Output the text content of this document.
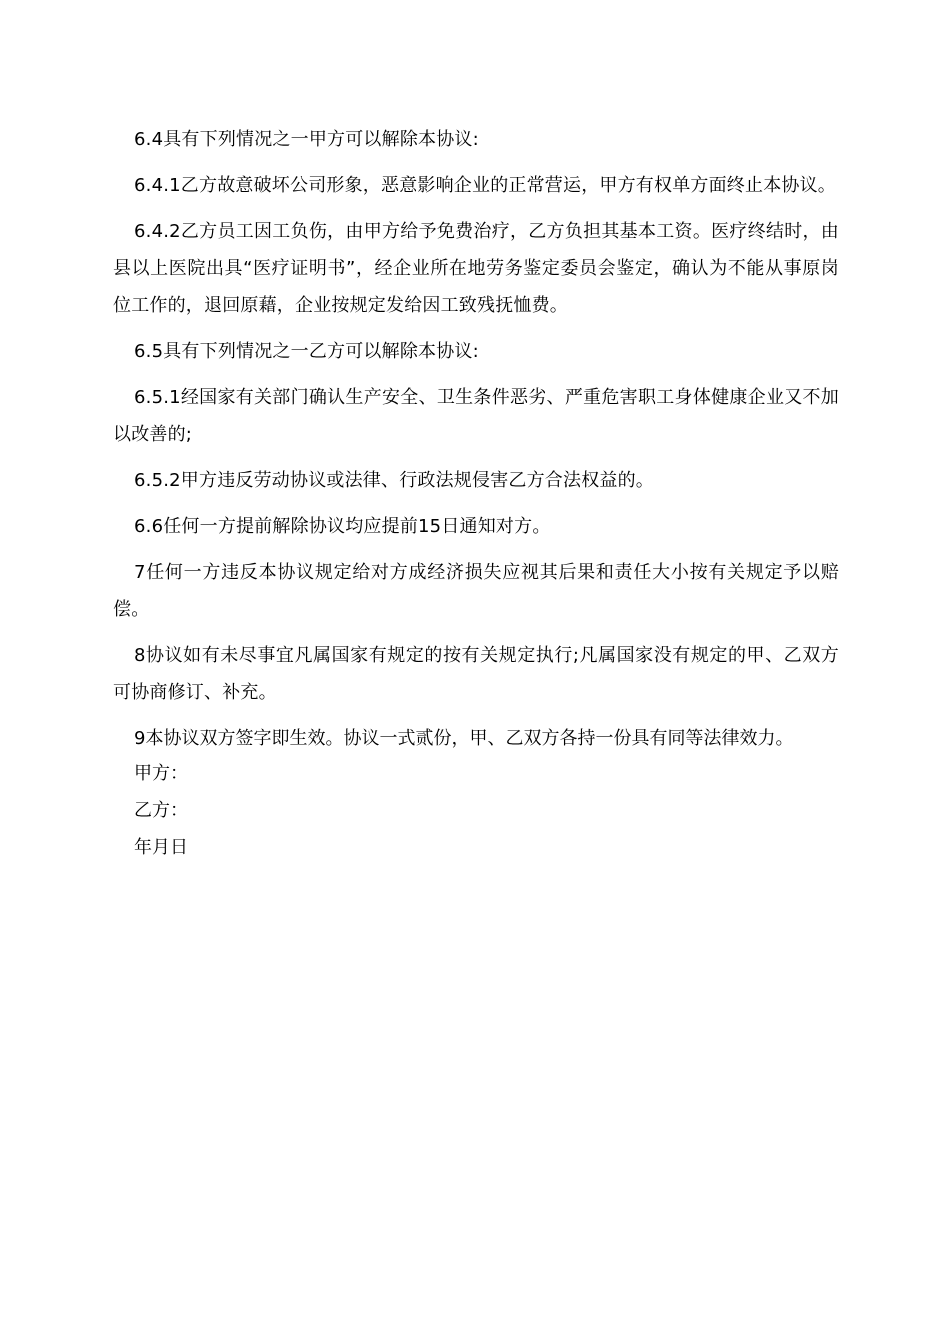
6.4具有下列情况之一甲方可以解除本协议:

6.4.1乙方故意破坏公司形象，恶意影响企业的正常营运，甲方有权单方面终止本协议。

6.4.2乙方员工因工负伤，由甲方给予免费治疗，乙方负担其基本工资。医疗终结时，由县以上医院出具“医疗证明书”，经企业所在地劳务鉴定委员会鉴定，确认为不能从事原岗位工作的，退回原藉，企业按规定发给因工致残抚恤费。

6.5具有下列情况之一乙方可以解除本协议:

6.5.1经国家有关部门确认生产安全、卫生条件恶劣、严重危害职工身体健康企业又不加以改善的;

6.5.2甲方违反劳动协议或法律、行政法规侵害乙方合法权益的。

6.6任何一方提前解除协议均应提前15日通知对方。

7任何一方违反本协议规定给对方成经济损失应视其后果和责任大小按有关规定予以赔偿。

8协议如有未尽事宜凡属国家有规定的按有关规定执行;凡属国家没有规定的甲、乙双方可协商修订、补充。

9本协议双方签字即生效。协议一式贰份，甲、乙双方各持一份具有同等法律效力。

甲方：

乙方：

年月日
